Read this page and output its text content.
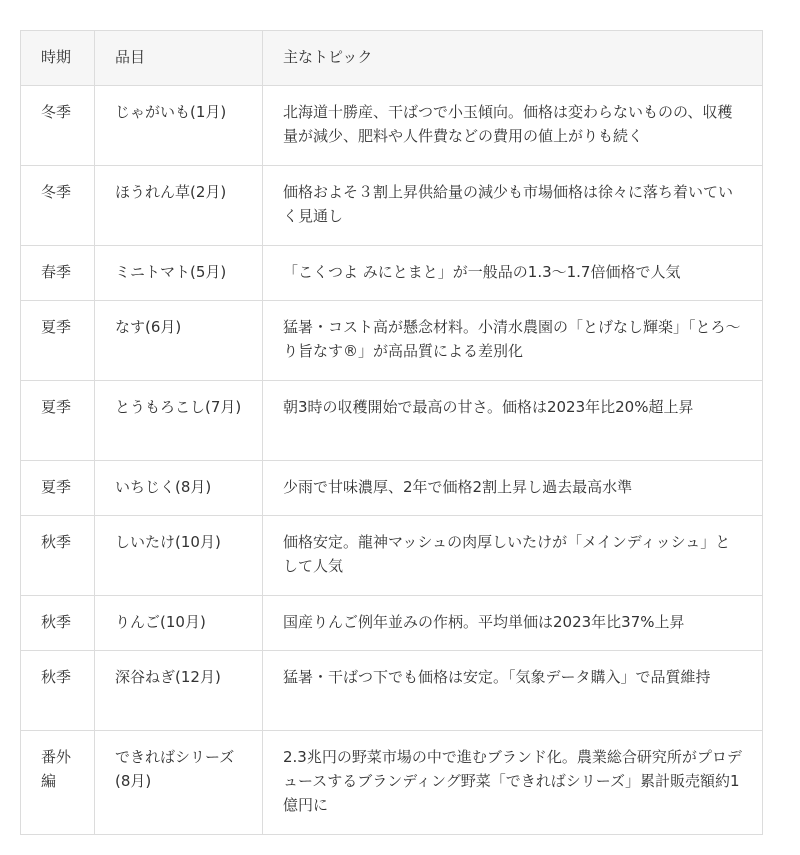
時期	品目	主なトピック
冬季	じゃがいも(1月)	北海道十勝産、干ばつで小玉傾向。価格は変わらないものの、収穫量が減少、肥料や人件費などの費用の値上がりも続く
冬季	ほうれん草(2月)	価格およそ３割上昇供給量の減少も市場価格は徐々に落ち着いていく見通し
春季	ミニトマト(5月)	「こくつよ みにとまと」が一般品の1.3〜1.7倍価格で人気
夏季	なす(6月)	猛暑・コスト高が懸念材料。小清水農園の「とげなし輝楽」「とろ〜り旨なす®」が高品質による差別化
夏季	とうもろこし(7月)	朝3時の収穫開始で最高の甘さ。価格は2023年比20%超上昇
夏季	いちじく(8月)	少雨で甘味濃厚、2年で価格2割上昇し過去最高水準
秋季	しいたけ(10月)	価格安定。龍神マッシュの肉厚しいたけが「メインディッシュ」として人気
秋季	りんご(10月)	国産りんご例年並みの作柄。平均単価は2023年比37%上昇
秋季	深谷ねぎ(12月)	猛暑・干ばつ下でも価格は安定。「気象データ購入」で品質維持
番外編	できればシリーズ(8月)	2.3兆円の野菜市場の中で進むブランド化。農業総合研究所がプロデュースするブランディング野菜「できればシリーズ」累計販売額約1億円に
